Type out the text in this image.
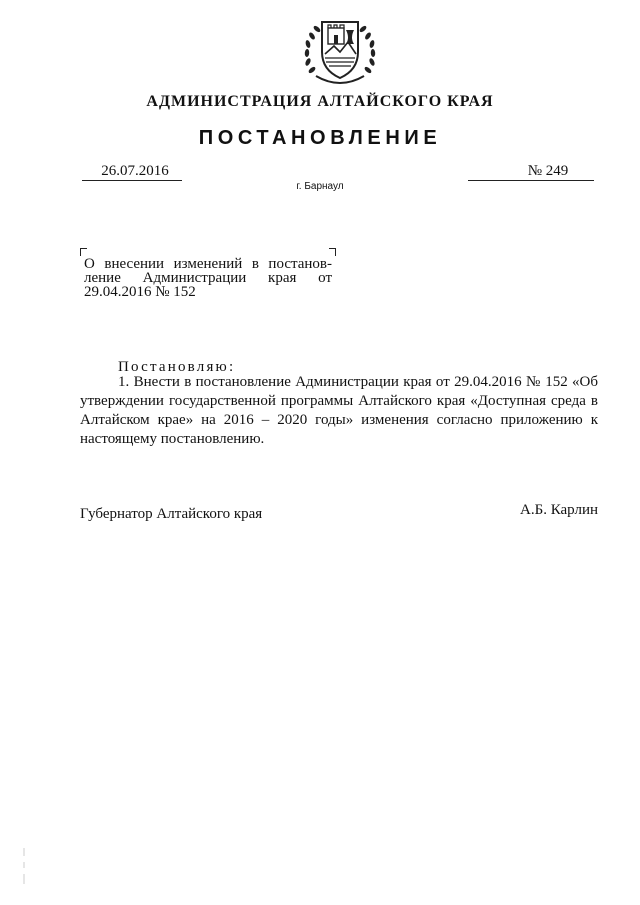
АДМИНИСТРАЦИЯ АЛТАЙСКОГО КРАЯ
ПОСТАНОВЛЕНИЕ
26.07.2016	№ 249
г. Барнаул
О внесении изменений в постанов-
ление Администрации края от
29.04.2016 № 152
Постановляю:
1. Внести в постановление Администрации края от 29.04.2016 № 152 «Об утверждении государственной программы Алтайского края «Доступная среда в Алтайском крае» на 2016 – 2020 годы» изменения согласно приложению к настоящему постановлению.
Губернатор Алтайского края	А.Б. Карлин
